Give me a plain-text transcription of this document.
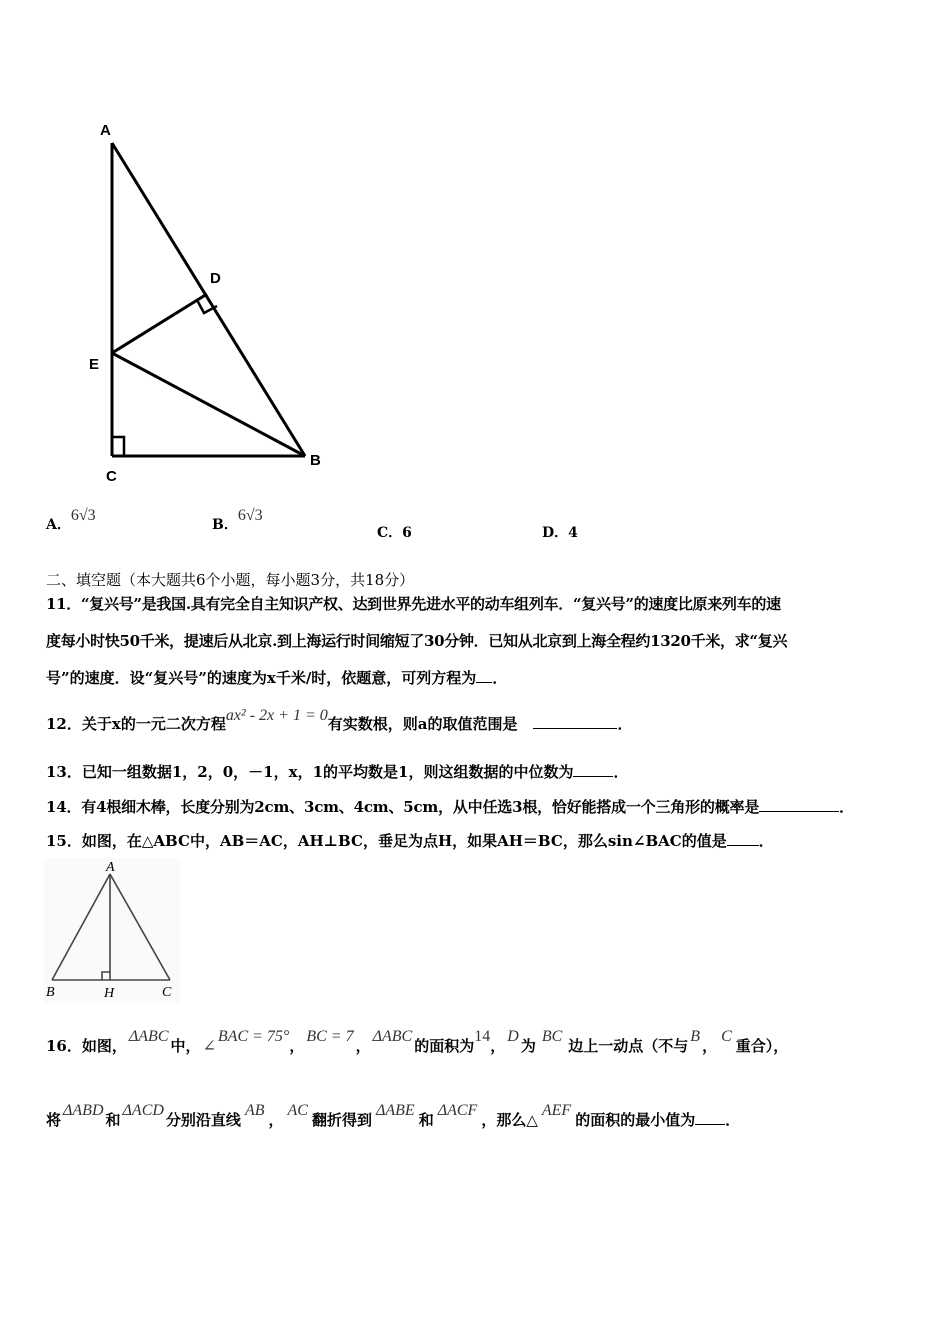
A
D
E
C
B
A．6√3
B．6√3
C．6	D．4
二、填空题（本大题共6个小题，每小题3分，共18分）
11．“复兴号”是我国.具有完全自主知识产权、达到世界先进水平的动车组列车．“复兴号”的速度比原来列车的速
度每小时快50千米，提速后从北京.到上海运行时间缩短了30分钟．已知从北京到上海全程约1320千米，求“复兴
号”的速度．设“复兴号”的速度为x千米/时，依题意，可列方程为 ．
12．关于x的一元二次方程ax² - 2x + 1 = 0有实数根，则a的取值范围是	．
13．已知一组数据1，2，0，－1，x，1的平均数是1，则这组数据的中位数为	．
14．有4根细木棒，长度分别为2cm、3cm、4cm、5cm，从中任选3根，恰好能搭成一个三角形的概率是	．
15．如图，在△ABC中，AB＝AC，AH⊥BC，垂足为点H，如果AH＝BC，那么sin∠BAC的值是 ．
A
B	H	C
16．如图，ΔABC中， ∠BAC = 75°，BC = 7，ΔABC的面积为14，D为BC边上一动点（不与B，C重合），
将ΔABD和ΔACD分别沿直线AB，AC翻折得到ΔABE和ΔACF，那么△AEF的面积的最小值为 ．
